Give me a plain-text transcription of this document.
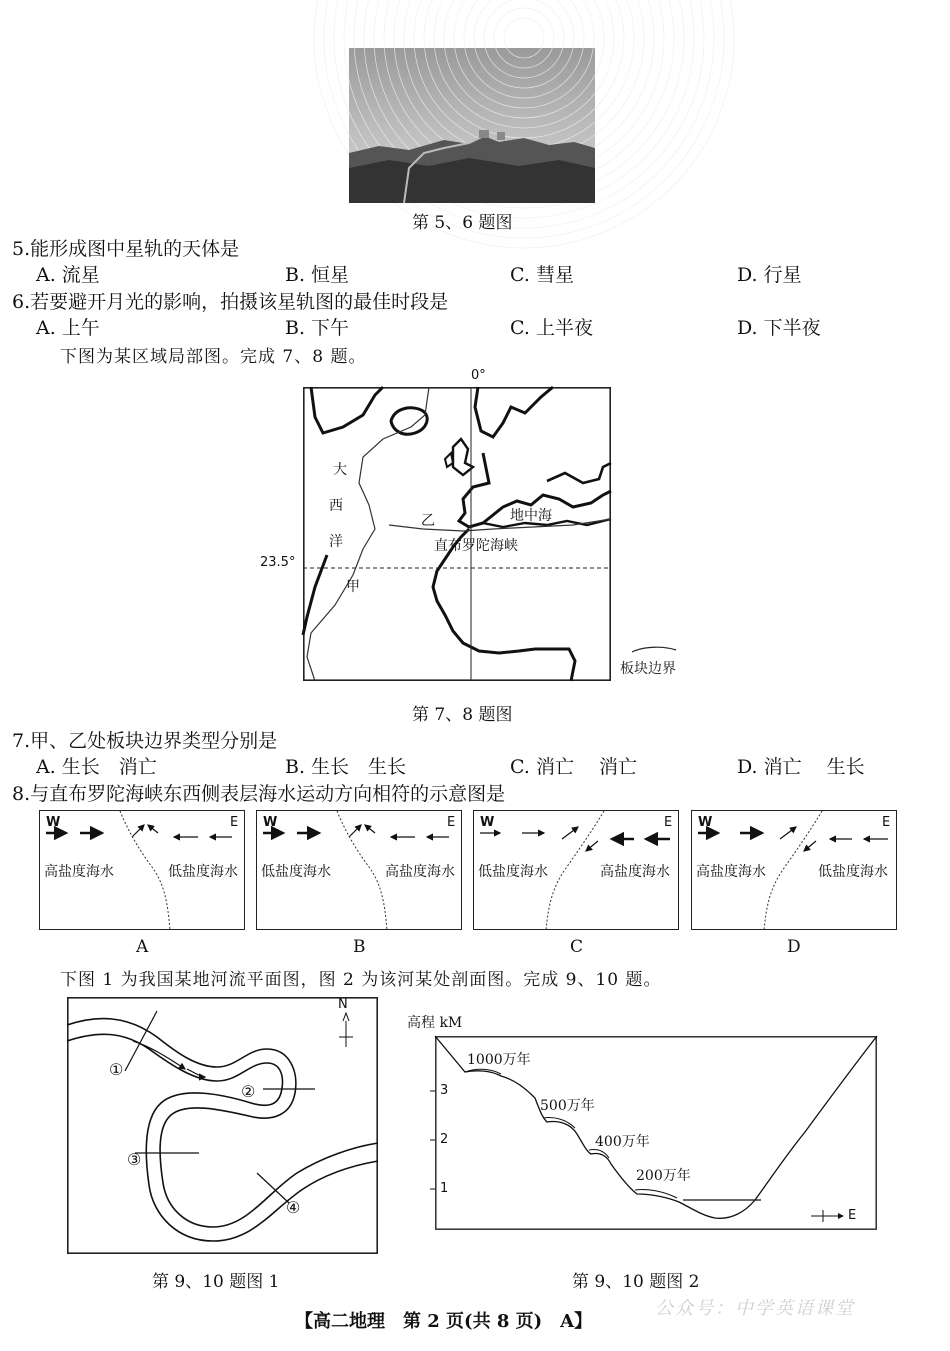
第 5、6 题图
5.能形成图中星轨的天体是
A. 流星	B. 恒星	C. 彗星	D. 行星
6.若要避开月光的影响，拍摄该星轨图的最佳时段是
A. 上午	B. 下午	C. 上半夜	D. 下半夜
下图为某区域局部图。完成 7、8 题。
0°
23.5°
大
西
洋
甲
乙	地中海
直布罗陀海峡
板块边界
第 7、8 题图
7.甲、乙处板块边界类型分别是
A. 生长　消亡	B. 生长　生长	C. 消亡　 消亡	D. 消亡　 生长
8.与直布罗陀海峡东西侧表层海水运动方向相符的示意图是
W	E
高盐度海水	低盐度海水
A
W	E
低盐度海水	高盐度海水
B
W	E
低盐度海水	高盐度海水
C
W	E
高盐度海水	低盐度海水
D
下图 1 为我国某地河流平面图，图 2 为该河某处剖面图。完成 9、10 题。
N
①
②
③
④
第 9、10 题图 1
高程 kM
3
2
1
1000万年
500万年
400万年
200万年
E
第 9、10 题图 2
【高二地理　第 2 页(共 8 页)　A】
公众号：中学英语课堂
